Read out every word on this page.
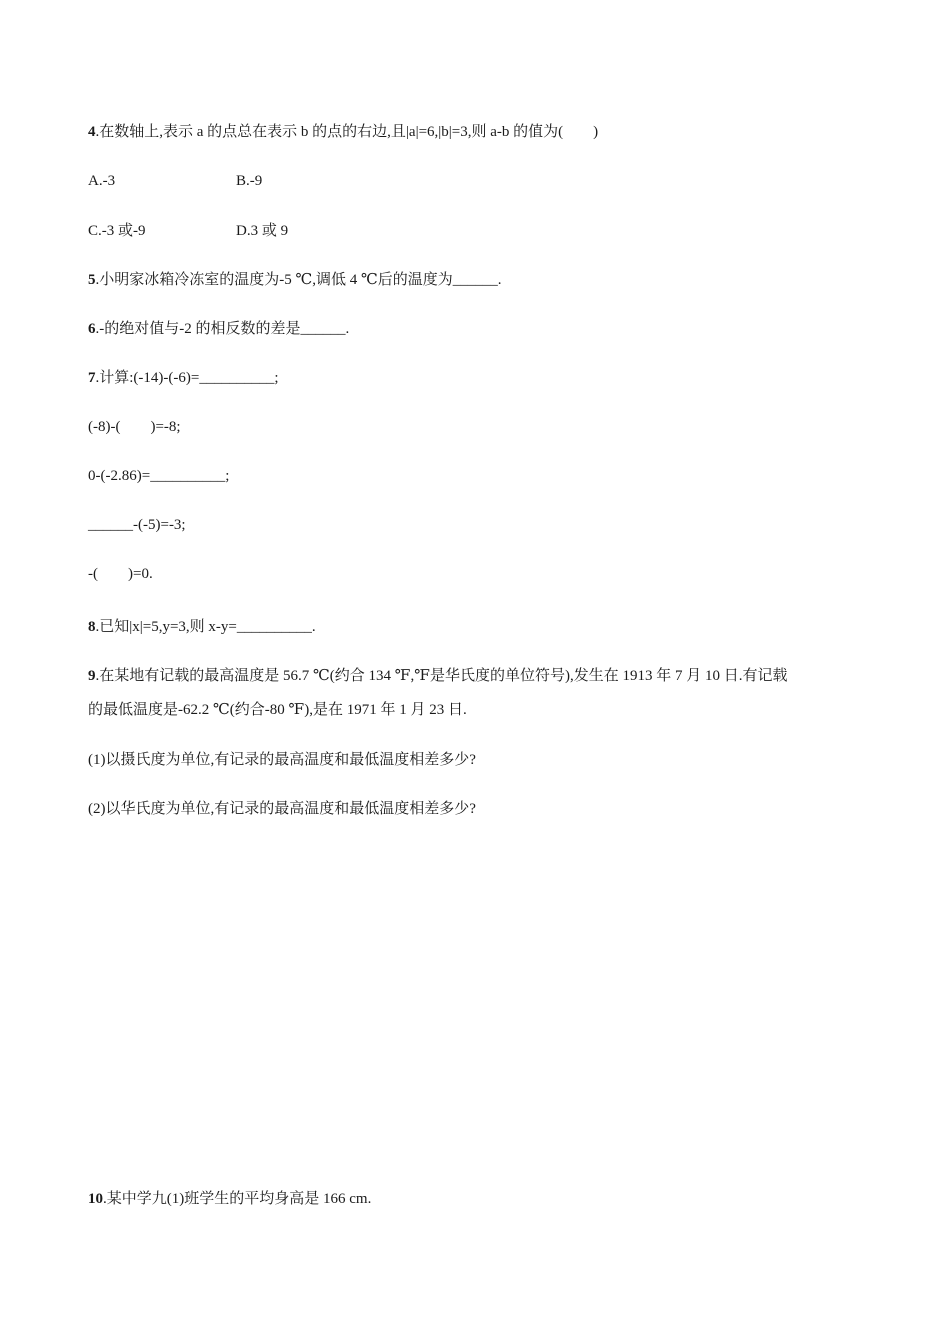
4.在数轴上,表示 a 的点总在表示 b 的点的右边,且|a|=6,|b|=3,则 a-b 的值为(　　)
A.-3	B.-9
C.-3 或-9	D.3 或 9
5.小明家冰箱冷冻室的温度为-5 ℃,调低 4 ℃后的温度为______.
6.-的绝对值与-2 的相反数的差是______.
7.计算:(-14)-(-6)=__________;
(-8)-(　　)=-8;
0-(-2.86)=__________;
______-(-5)=-3;
-(　　)=0.
8.已知|x|=5,y=3,则 x-y=__________.
9.在某地有记载的最高温度是 56.7 ℃(约合 134 ℉,℉是华氏度的单位符号),发生在 1913 年 7 月 10 日.有记载
的最低温度是-62.2 ℃(约合-80 ℉),是在 1971 年 1 月 23 日.
(1)以摄氏度为单位,有记录的最高温度和最低温度相差多少?
(2)以华氏度为单位,有记录的最高温度和最低温度相差多少?
10.某中学九(1)班学生的平均身高是 166 cm.
